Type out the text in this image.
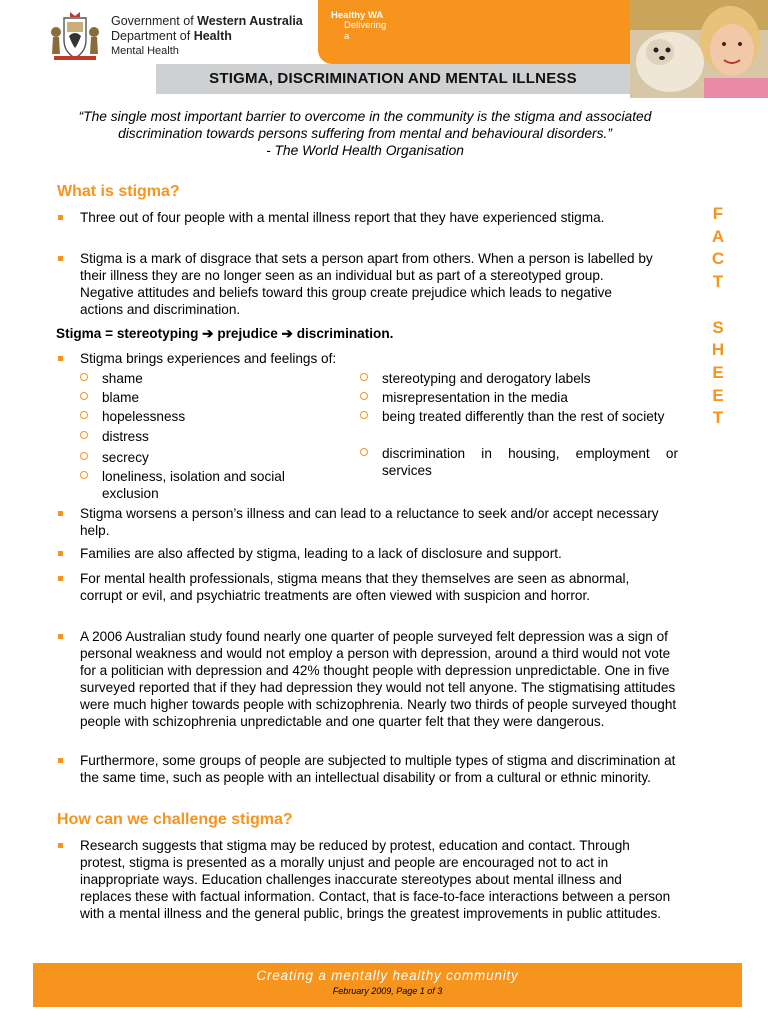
Government of Western Australia
Department of Health
Mental Health
Delivering a
Healthy WA
STIGMA, DISCRIMINATION AND MENTAL ILLNESS
“The single most important barrier to overcome in the community is the stigma and associated discrimination towards persons suffering from mental and behavioural disorders.”
- The World Health Organisation
What is stigma?
Three out of four people with a mental illness report that they have experienced stigma.
Stigma is a mark of disgrace that sets a person apart from others. When a person is labelled by their illness they are no longer seen as an individual but as part of a stereotyped group. Negative attitudes and beliefs toward this group create prejudice which leads to negative actions and discrimination.
Stigma = stereotyping ➔ prejudice ➔ discrimination.
Stigma brings experiences and feelings of:
shame
blame
hopelessness
distress
secrecy
loneliness, isolation and social exclusion
stereotyping and derogatory labels
misrepresentation in the media
being treated differently than the rest of society
discrimination in housing, employment or services
Stigma worsens a person’s illness and can lead to a reluctance to seek and/or accept necessary help.
Families are also affected by stigma, leading to a lack of disclosure and support.
For mental health professionals, stigma means that they themselves are seen as abnormal, corrupt or evil, and psychiatric treatments are often viewed with suspicion and horror.
A 2006 Australian study found nearly one quarter of people surveyed felt depression was a sign of personal weakness and would not employ a person with depression, around a third would not vote for a politician with depression and 42% thought people with depression unpredictable. One in five surveyed reported that if they had depression they would not tell anyone. The stigmatising attitudes were much higher towards people with schizophrenia. Nearly two thirds of people surveyed thought people with schizophrenia unpredictable and one quarter felt that they were dangerous.
Furthermore, some groups of people are subjected to multiple types of stigma and discrimination at the same time, such as people with an intellectual disability or from a cultural or ethnic minority.
How can we challenge stigma?
Research suggests that stigma may be reduced by protest, education and contact. Through protest, stigma is presented as a morally unjust and people are encouraged not to act in inappropriate ways. Education challenges inaccurate stereotypes about mental illness and replaces these with factual information. Contact, that is face-to-face interactions between a person with a mental illness and the general public, brings the greatest improvements in public attitudes.
F
A
C
T
S
H
E
E
T
Creating a mentally healthy community
February 2009, Page 1 of 3
